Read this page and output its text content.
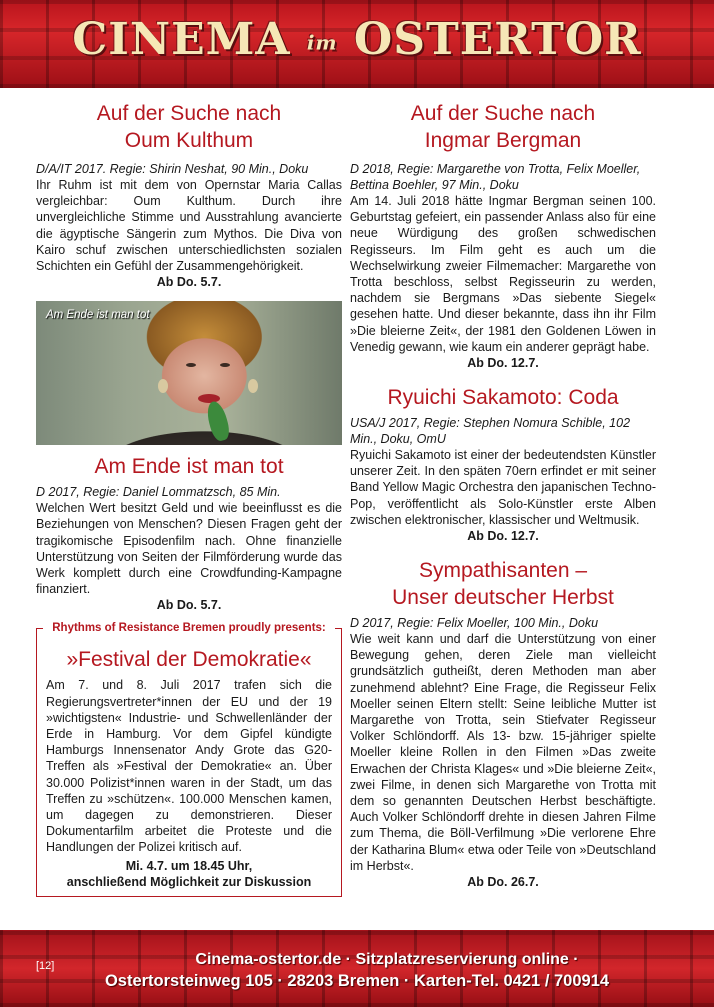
CINEMA im OSTERTOR
Auf der Suche nach
Oum Kulthum
D/A/IT 2017. Regie: Shirin Neshat, 90 Min., Doku
Ihr Ruhm ist mit dem von Opernstar Maria Callas vergleichbar: Oum Kulthum. Durch ihre unvergleichliche Stimme und Ausstrahlung avancierte die ägyptische Sängerin zum Mythos. Die Diva von Kairo schuf zwischen unterschiedlichsten sozialen Schichten ein Gefühl der Zusammengehörigkeit.
Ab Do. 5.7.
Am Ende ist man tot
Am Ende ist man tot
D 2017, Regie: Daniel Lommatzsch, 85 Min.
Welchen Wert besitzt Geld und wie beeinflusst es die Beziehungen von Menschen? Diesen Fragen geht der tragikomische Episodenfilm nach. Ohne finanzielle Unterstützung von Seiten der Filmförderung wurde das Werk komplett durch eine Crowdfunding-Kampagne finanziert.
Ab Do. 5.7.
Rhythms of Resistance Bremen proudly presents:
»Festival der Demokratie«
Am 7. und 8. Juli 2017 trafen sich die Regierungsvertreter*innen der EU und der 19 »wichtigsten« Industrie- und Schwellenländer der Erde in Hamburg. Vor dem Gipfel kündigte Hamburgs Innensenator Andy Grote das G20-Treffen als »Festival der Demokratie« an. Über 30.000 Polizist*innen waren in der Stadt, um das Treffen zu »schützen«. 100.000 Menschen kamen, um dagegen zu demonstrieren. Dieser Dokumentarfilm arbeitet die Proteste und die Handlungen der Polizei kritisch auf.
Mi. 4.7. um 18.45 Uhr,
anschließend Möglichkeit zur Diskussion
Auf der Suche nach
Ingmar Bergman
D 2018, Regie: Margarethe von Trotta, Felix Moeller, Bettina Boehler, 97 Min., Doku
Am 14. Juli 2018 hätte Ingmar Bergman seinen 100. Geburtstag gefeiert, ein passender Anlass also für eine neue Würdigung des großen schwedischen Regisseurs. Im Film geht es auch um die Wechselwirkung zweier Filmemacher: Margarethe von Trotta beschloss, selbst Regisseurin zu werden, nachdem sie Bergmans »Das siebente Siegel« gesehen hatte. Und dieser bekannte, dass ihn ihr Film »Die bleierne Zeit«, der 1981 den Goldenen Löwen in Venedig gewann, wie kaum ein anderer geprägt habe.
Ab Do. 12.7.
Ryuichi Sakamoto: Coda
USA/J 2017, Regie: Stephen Nomura Schible, 102 Min., Doku, OmU
Ryuichi Sakamoto ist einer der bedeutendsten Künstler unserer Zeit. In den späten 70ern erfindet er mit seiner Band Yellow Magic Orchestra den japanischen Techno-Pop, veröffentlicht als Solo-Künstler erste Alben zwischen elektronischer, klassischer und Weltmusik.
Ab Do. 12.7.
Sympathisanten –
Unser deutscher Herbst
D 2017, Regie: Felix Moeller, 100 Min., Doku
Wie weit kann und darf die Unterstützung von einer Bewegung gehen, deren Ziele man vielleicht grundsätzlich gutheißt, deren Methoden man aber zunehmend ablehnt? Eine Frage, die Regisseur Felix Moeller seinen Eltern stellt: Seine leibliche Mutter ist Margarethe von Trotta, sein Stiefvater Regisseur Volker Schlöndorff. Als 13- bzw. 15-jähriger spielte Moeller kleine Rollen in den Filmen »Das zweite Erwachen der Christa Klages« und »Die bleierne Zeit«, zwei Filme, in denen sich Margarethe von Trotta mit dem so genannten Deutschen Herbst beschäftigte. Auch Volker Schlöndorff drehte in diesen Jahren Filme zum Thema, die Böll-Verfilmung »Die verlorene Ehre der Katharina Blum« etwa oder Teile von »Deutschland im Herbst«.
Ab Do. 26.7.
[12]	Cinema-ostertor.de · Sitzplatzreservierung online ·
Ostertorsteinweg 105 · 28203 Bremen · Karten-Tel. 0421 / 700914
